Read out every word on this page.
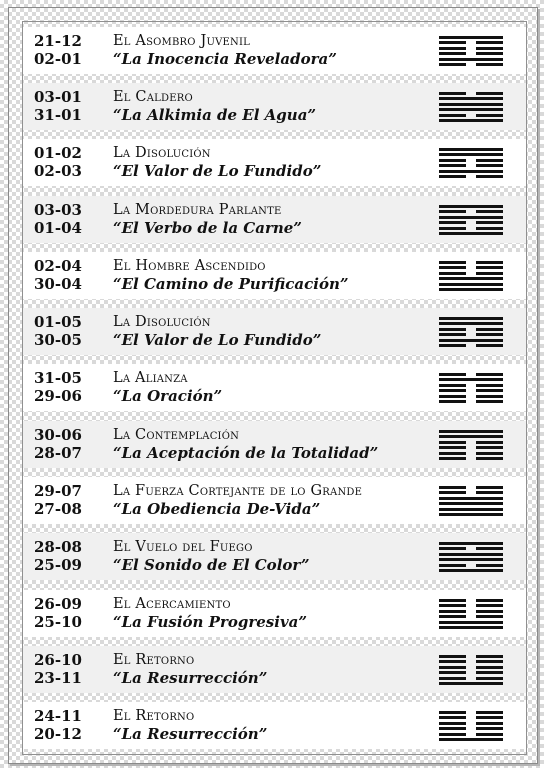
21-12
02-01
El Asombro Juvenil
“La Inocencia Reveladora”
03-01
31-01
El Caldero
“La Alkimia de El Agua”
01-02
02-03
La Disolución
“El Valor de Lo Fundido”
03-03
01-04
La Mordedura Parlante
“El Verbo de la Carne”
02-04
30-04
El Hombre Ascendido
“El Camino de Purificación”
01-05
30-05
La Disolución
“El Valor de Lo Fundido”
31-05
29-06
La Alianza
“La Oración”
30-06
28-07
La Contemplación
“La Aceptación de la Totalidad”
29-07
27-08
La Fuerza Cortejante de lo Grande
“La Obediencia De-Vida”
28-08
25-09
El Vuelo del Fuego
“El Sonido de El Color”
26-09
25-10
El Acercamiento
“La Fusión Progresiva”
26-10
23-11
El Retorno
“La Resurrección”
24-11
20-12
El Retorno
“La Resurrección”
